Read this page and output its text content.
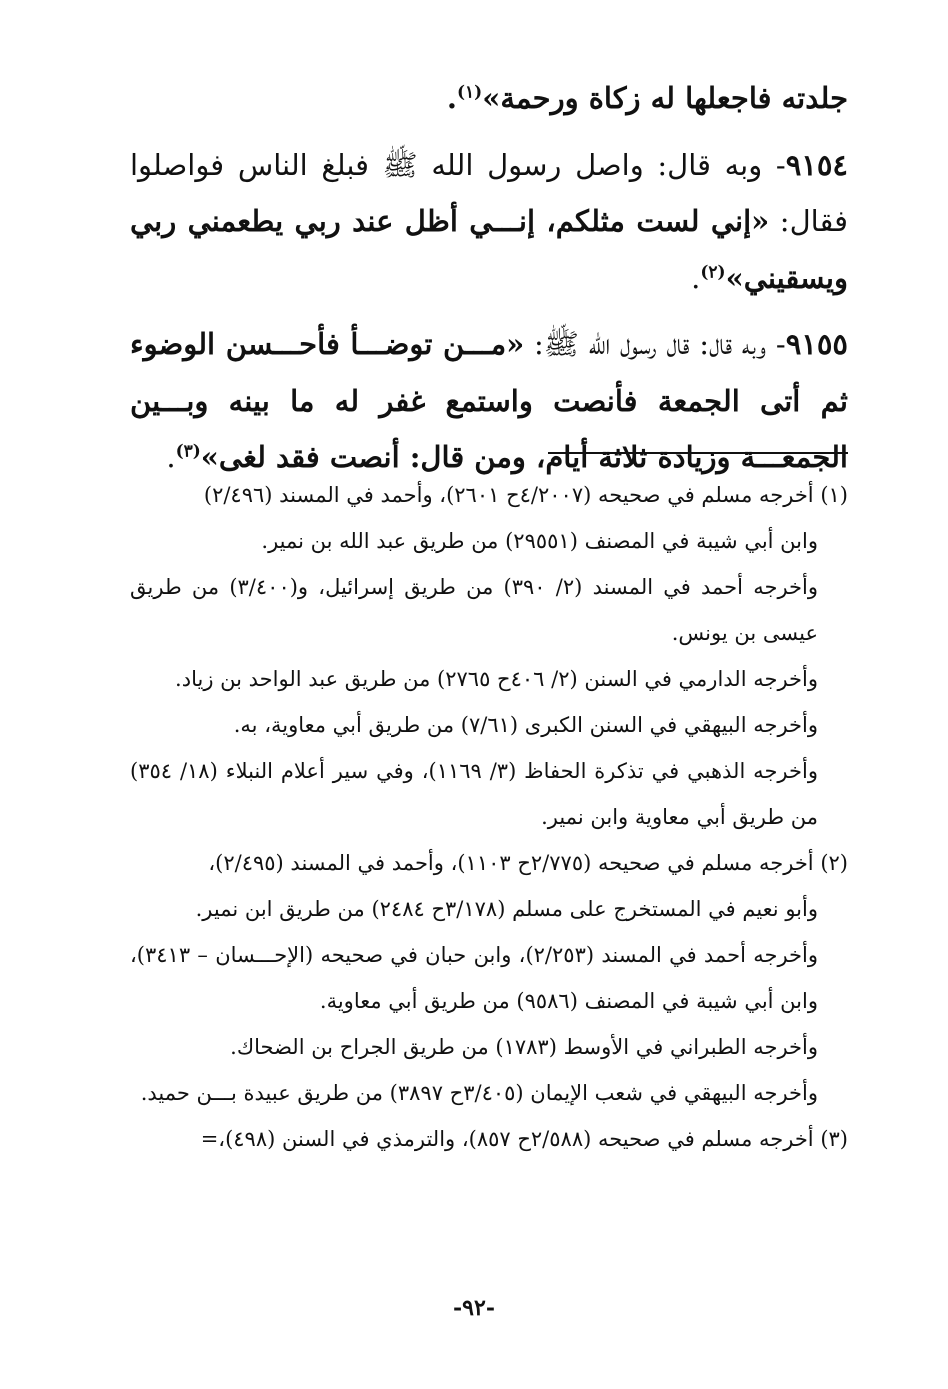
جلدته فاجعلها له زكاة ورحمة»$^{(١)}$.

٩١٥٤- وبه قال: واصل رسول الله ﷺ فبلغ الناس فواصلوا فقال: «إني لست مثلكم، إنـــي أظل عند ربي يطعمني ربي ويسقيني»$^{(٢)}$.

٩١٥٥- وبه قال: قال رسول الله ﷺ: «مـــن توضـــأ فأحـــسن الوضوء ثم أتى الجمعة فأنصت واستمع غفر له ما بينه وبـــين الجمعـــة وزيادة ثلاثة أيام، ومن قال: أنصت فقد لغى»$^{(٣)}$.

(١) أخرجه مسلم في صحيحه (٤/٢٠٠٧ح ٢٦٠١)، وأحمد في المسند (٢/٤٩٦)

وابن أبي شيبة في المصنف (٢٩٥٥١) من طريق عبد الله بن نمير.

وأخرجه أحمد في المسند (٢/ ٣٩٠) من طريق إسرائيل، و(٣/٤٠٠) من طريق عيسى بن يونس.

وأخرجه الدارمي في السنن (٢/ ٤٠٦ح ٢٧٦٥) من طريق عبد الواحد بن زياد.

وأخرجه البيهقي في السنن الكبرى (٧/٦١) من طريق أبي معاوية، به.

وأخرجه الذهبي في تذكرة الحفاظ (٣/ ١١٦٩)، وفي سير أعلام النبلاء (١٨/ ٣٥٤) من طريق أبي معاوية وابن نمير.

(٢) أخرجه مسلم في صحيحه (٢/٧٧٥ح ١١٠٣)، وأحمد في المسند (٢/٤٩٥)،

وأبو نعيم في المستخرج على مسلم (٣/١٧٨ح ٢٤٨٤) من طريق ابن نمير.

وأخرجه أحمد في المسند (٢/٢٥٣)، وابن حبان في صحيحه (الإحـــسان – ٣٤١٣)، وابن أبي شيبة في المصنف (٩٥٨٦) من طريق أبي معاوية.

وأخرجه الطبراني في الأوسط (١٧٨٣) من طريق الجراح بن الضحاك.

وأخرجه البيهقي في شعب الإيمان (٣/٤٠٥ح ٣٨٩٧) من طريق عبيدة بـــن حميد.

(٣) أخرجه مسلم في صحيحه (٢/٥٨٨ح ٨٥٧)، والترمذي في السنن (٤٩٨)،=

-٩٢-
